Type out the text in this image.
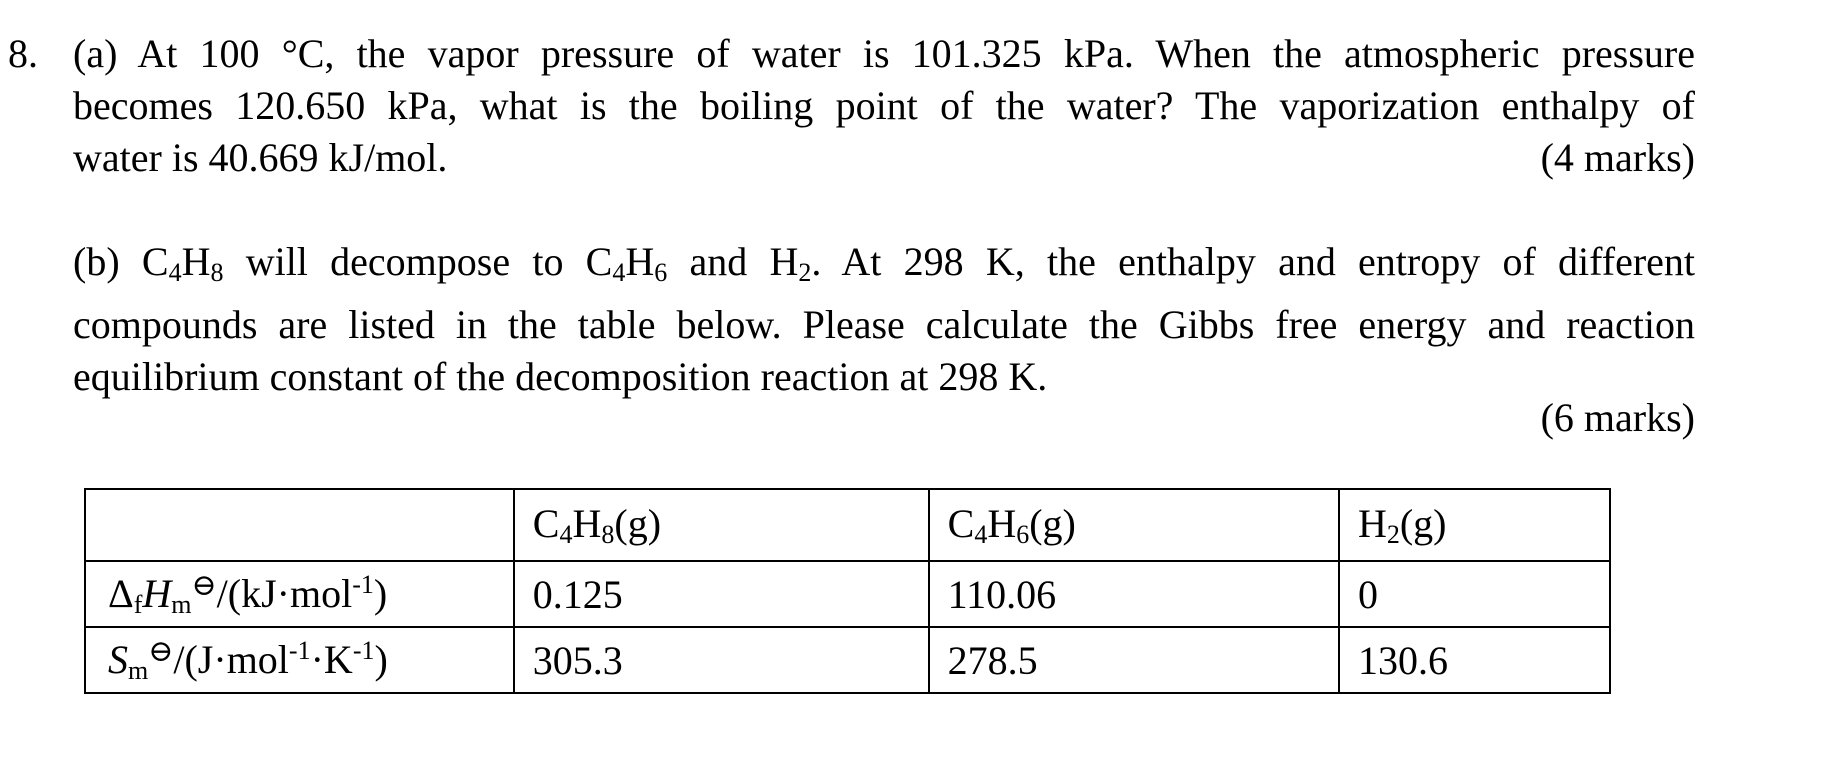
8. (a) At 100 °C, the vapor pressure of water is 101.325 kPa. When the atmospheric pressure
becomes 120.650 kPa, what is the boiling point of the water? The vaporization enthalpy of
water is 40.669 kJ/mol.	(4 marks)
(b) C4H8 will decompose to C4H6 and H2. At 298 K, the enthalpy and entropy of different
compounds are listed in the table below. Please calculate the Gibbs free energy and reaction
equilibrium constant of the decomposition reaction at 298 K.
(6 marks)
	C4H8(g)	C4H6(g)	H2(g)
ΔfHm⊖/(kJ·mol$^{-1}$)	0.125	110.06	0
$Sm^⊖/(J\cdot mol^{-1}\cdot K^{-1})$	305.3	278.5	130.6
